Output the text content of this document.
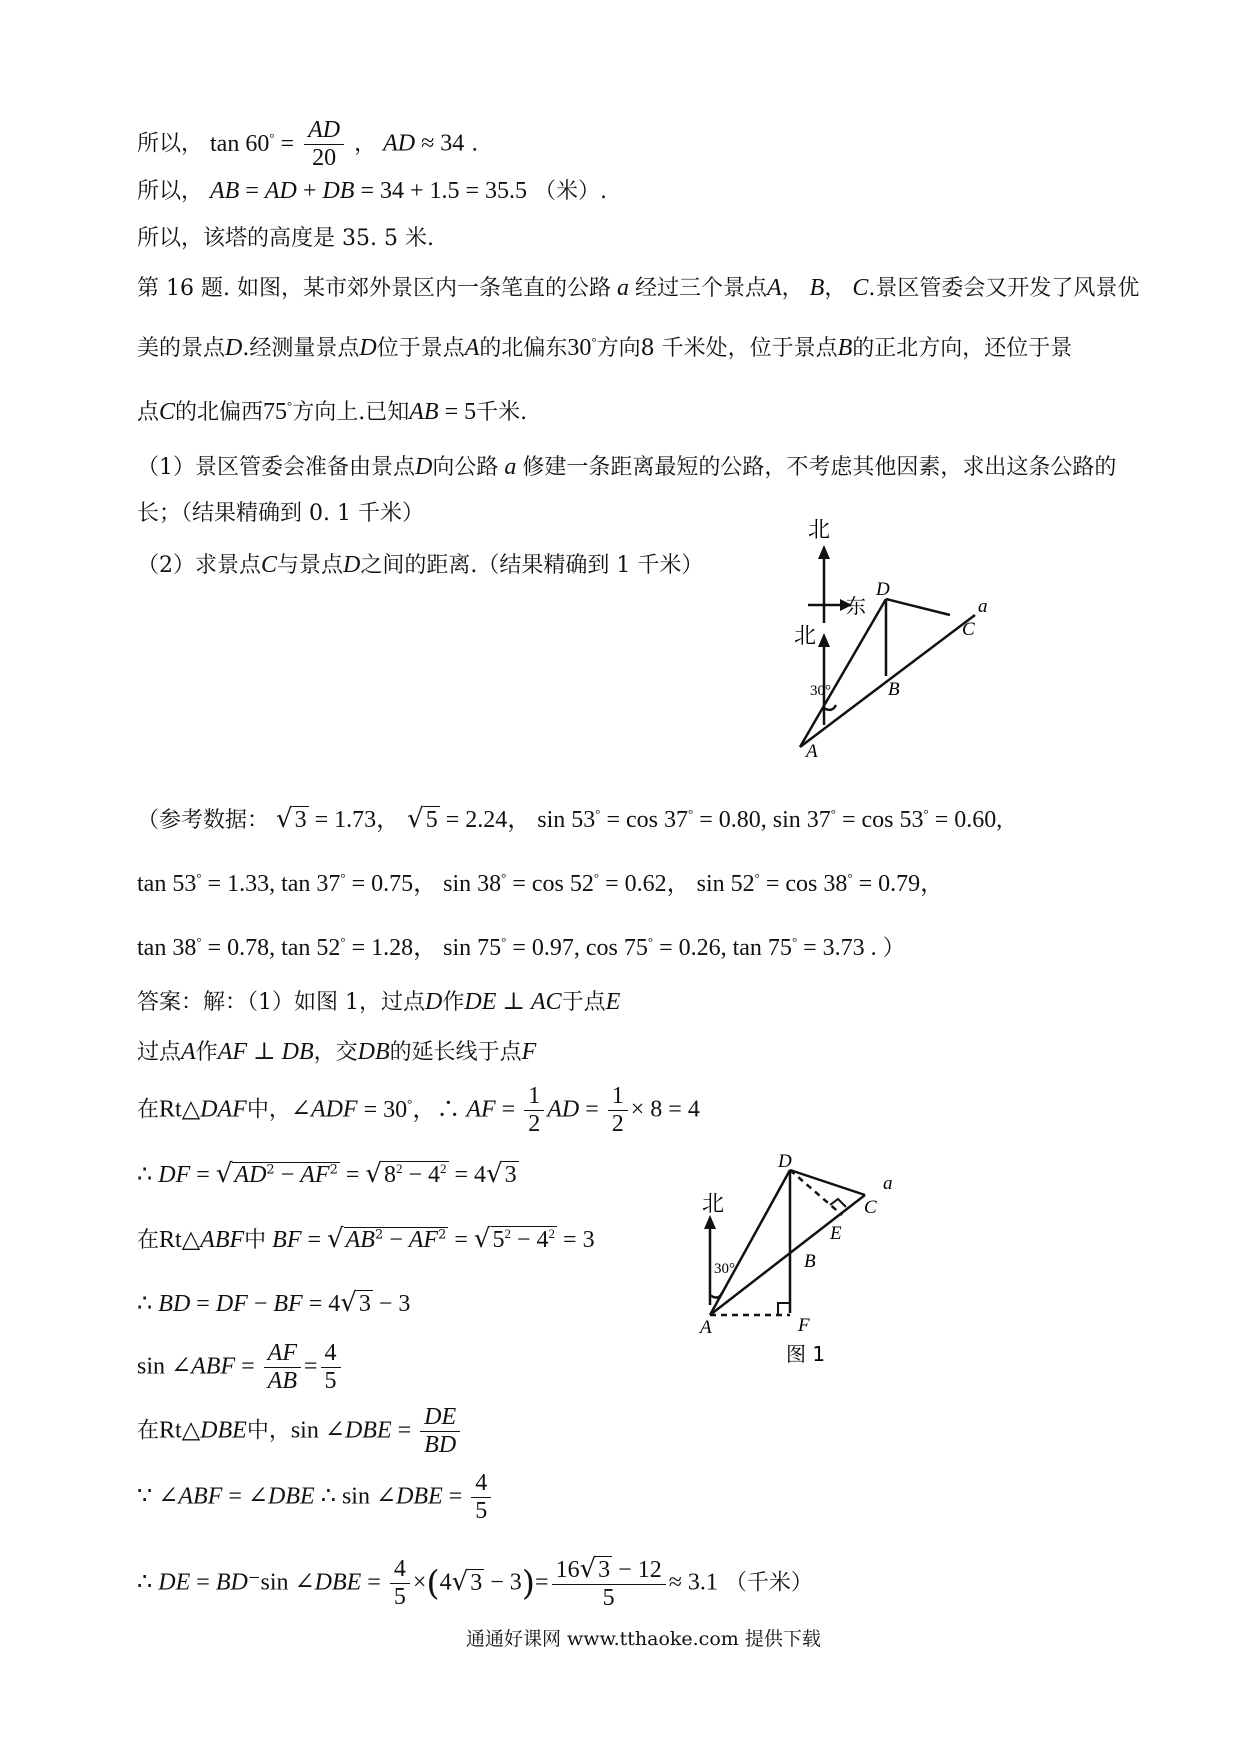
所以， $\tan 60^\circ = \frac{AD}{20}$ ， AD ≈ 34 .
所以， AB = AD + DB = 34 + 1.5 = 35.5 （米）.
所以，该塔的高度是 35. 5 米.
第 16 题. 如图，某市郊外景区内一条笔直的公路 a 经过三个景点A， B， C.景区管委会又开发了风景优
美的景点D.经测量景点D位于景点A的北偏东30°方向8 千米处，位于景点B的正北方向，还位于景
点C的北偏西75°方向上.已知AB = 5千米.
（1）景区管委会准备由景点D向公路 a 修建一条距离最短的公路，不考虑其他因素，求出这条公路的
长；（结果精确到 0. 1 千米）
（2）求景点C与景点D之间的距离.（结果精确到 1 千米）
北
东
北
30°
D
a
C
B
A
（参考数据： √3 = 1.73， √5 = 2.24， sin 53° = cos 37° = 0.80, sin 37° = cos 53° = 0.60,
tan 53° = 1.33, tan 37° = 0.75， sin 38° = cos 52° = 0.62， sin 52° = cos 38° = 0.79，
tan 38° = 0.78, tan 52° = 1.28， sin 75° = 0.97, cos 75° = 0.26, tan 75° = 3.73 . ）
答案：解：（1）如图 1，过点D作DE ⊥ AC于点E
过点A作AF ⊥ DB，交DB的延长线于点F
在Rt△DAF中，∠ADF = 30°，∴ AF = $\frac{1}{2}$ AD = $\frac{1}{2} \times 8 = 4$
∴ DF = $√AD^2 - AF^2 = √8^2 - 4^2 = 4√3$
在Rt△ABF中 BF = $√AB^2 - AF^2 = √5^2 - 4^2 = 3$
∴ BD = DF − BF = 4√3 − 3
sin ∠ABF = $\frac{AF}{AB} = \frac{4}{5}$
在Rt△DBE中，sin ∠DBE = $\frac{DE}{BD}$
∵ ∠ABF = ∠DBE ∴ sin ∠DBE = $\frac{4}{5}$
∴ DE = BD⁻sin ∠DBE = $\frac{4}{5} \times(4√3 - 3)= \frac{16√3 - 12}{5} \approx 3.1$ （千米）
北
30°
D
a
C
E
B
A	F
图 1
通通好课网 www.tthaoke.com 提供下载
